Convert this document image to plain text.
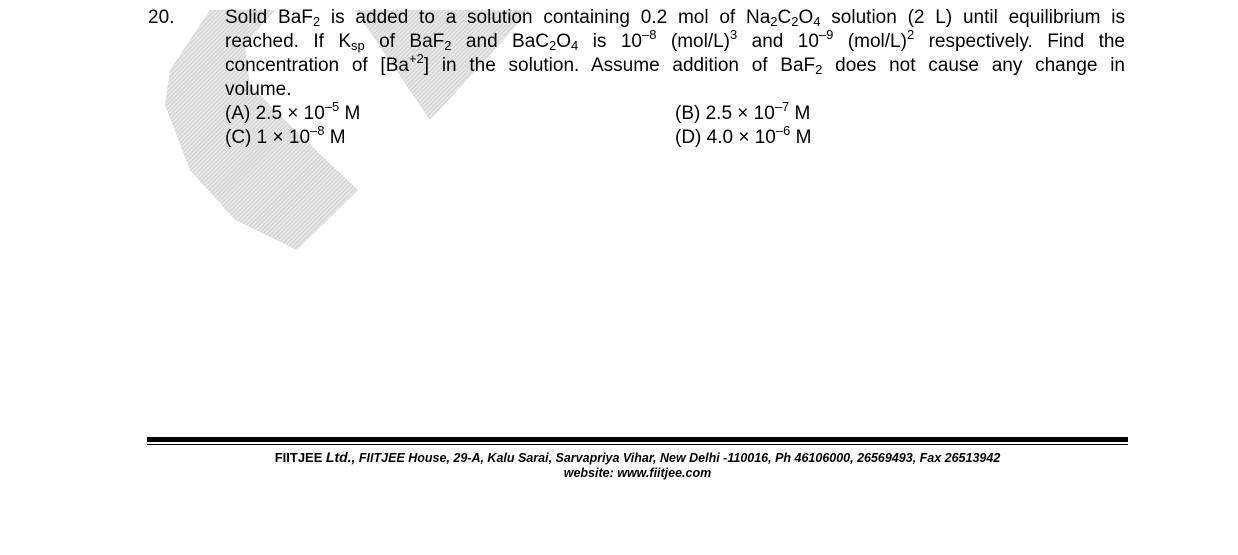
20.	Solid BaF$_2$ is added to a solution containing 0.2 mol of $Na_2C_2O_4$ solution (2 L) until equilibrium is
reached. If $K_{sp}$ of BaF$_2$ and $BaC_2O_4$ is $10^{-8}$ $(mol/L)^3$ and $10^{-9}$ $(mol/L)^2$ respectively. Find the
concentration of $[Ba^{+2}]$ in the solution. Assume addition of BaF$_2$ does not cause any change in
volume.
(A) $2.5 \times 10^{-5}$ M	(B) $2.5 \times 10^{-7}$ M
(C) $1 \times 10^{-8}$ M	(D) $4.0 \times 10^{-6}$ M
FIITJEE Ltd., FIITJEE House, 29-A, Kalu Sarai, Sarvapriya Vihar, New Delhi -110016, Ph 46106000, 26569493, Fax 26513942
website: www.fiitjee.com
